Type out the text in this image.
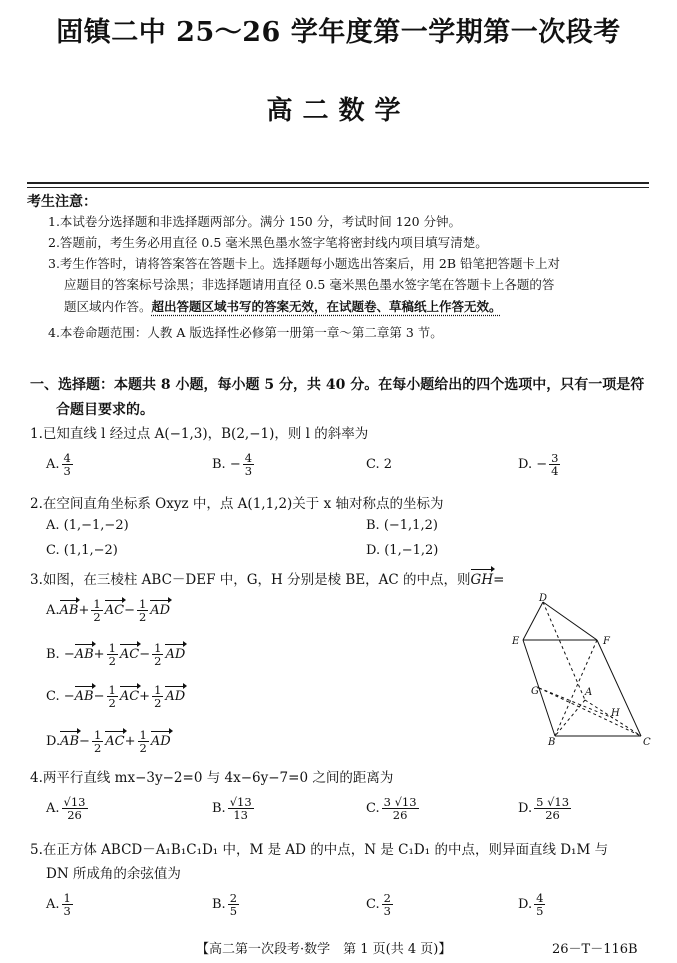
固镇二中 25～26 学年度第一学期第一次段考
高二数学
考生注意：
1.本试卷分选择题和非选择题两部分。满分 150 分，考试时间 120 分钟。
2.答题前，考生务必用直径 0.5 毫米黑色墨水签字笔将密封线内项目填写清楚。
3.考生作答时，请将答案答在答题卡上。选择题每小题选出答案后，用 2B 铅笔把答题卡上对
应题目的答案标号涂黑；非选择题请用直径 0.5 毫米黑色墨水签字笔在答题卡上各题的答
题区域内作答。超出答题区域书写的答案无效，在试题卷、草稿纸上作答无效。
4.本卷命题范围：人教 A 版选择性必修第一册第一章～第二章第 3 节。
一、选择题：本题共 8 小题，每小题 5 分，共 40 分。在每小题给出的四个选项中，只有一项是符
合题目要求的。
1.已知直线 l 经过点 A(−1,3)，B(2,−1)，则 l 的斜率为
A. $\frac{4}{3}$	B. − $\frac{4}{3}$	C. 2	D. − $\frac{3}{4}$
2.在空间直角坐标系 Oxyz 中，点 A(1,1,2)关于 x 轴对称点的坐标为
A. (1,−1,−2)	B. (−1,1,2)
C. (1,1,−2)	D. (1,−1,2)
3.如图，在三棱柱 ABC－DEF 中，G，H 分别是棱 BE，AC 的中点，则GH=
$A.AB+ \frac{1}{2} AC- \frac{1}{2}$ AD
B. $-AB+ \frac{1}{2} AC- \frac{1}{2}$ AD
C. $-AB- \frac{1}{2} AC+ \frac{1}{2}$ AD
$D.AB- \frac{1}{2} AC+ \frac{1}{2}$ AD
D
E	F
G	A
H
B	C
4.两平行直线 mx−3y−2=0 与 4x−6y−7=0 之间的距离为
A. $\frac{√13}{26}$	B. $\frac{√13}{13}$	C. $\frac{3 √13}{26}$	D. $\frac{5 √13}{26}$
5.在正方体 ABCD－A₁B₁C₁D₁ 中，M 是 AD 的中点，N 是 C₁D₁ 的中点，则异面直线 D₁M 与
DN 所成角的余弦值为
A. $\frac{1}{3}$	B. $\frac{2}{5}$	C. $\frac{2}{3}$	D. $\frac{4}{5}$
【高二第一次段考·数学　第 1 页(共 4 页)】	26－T－116B
